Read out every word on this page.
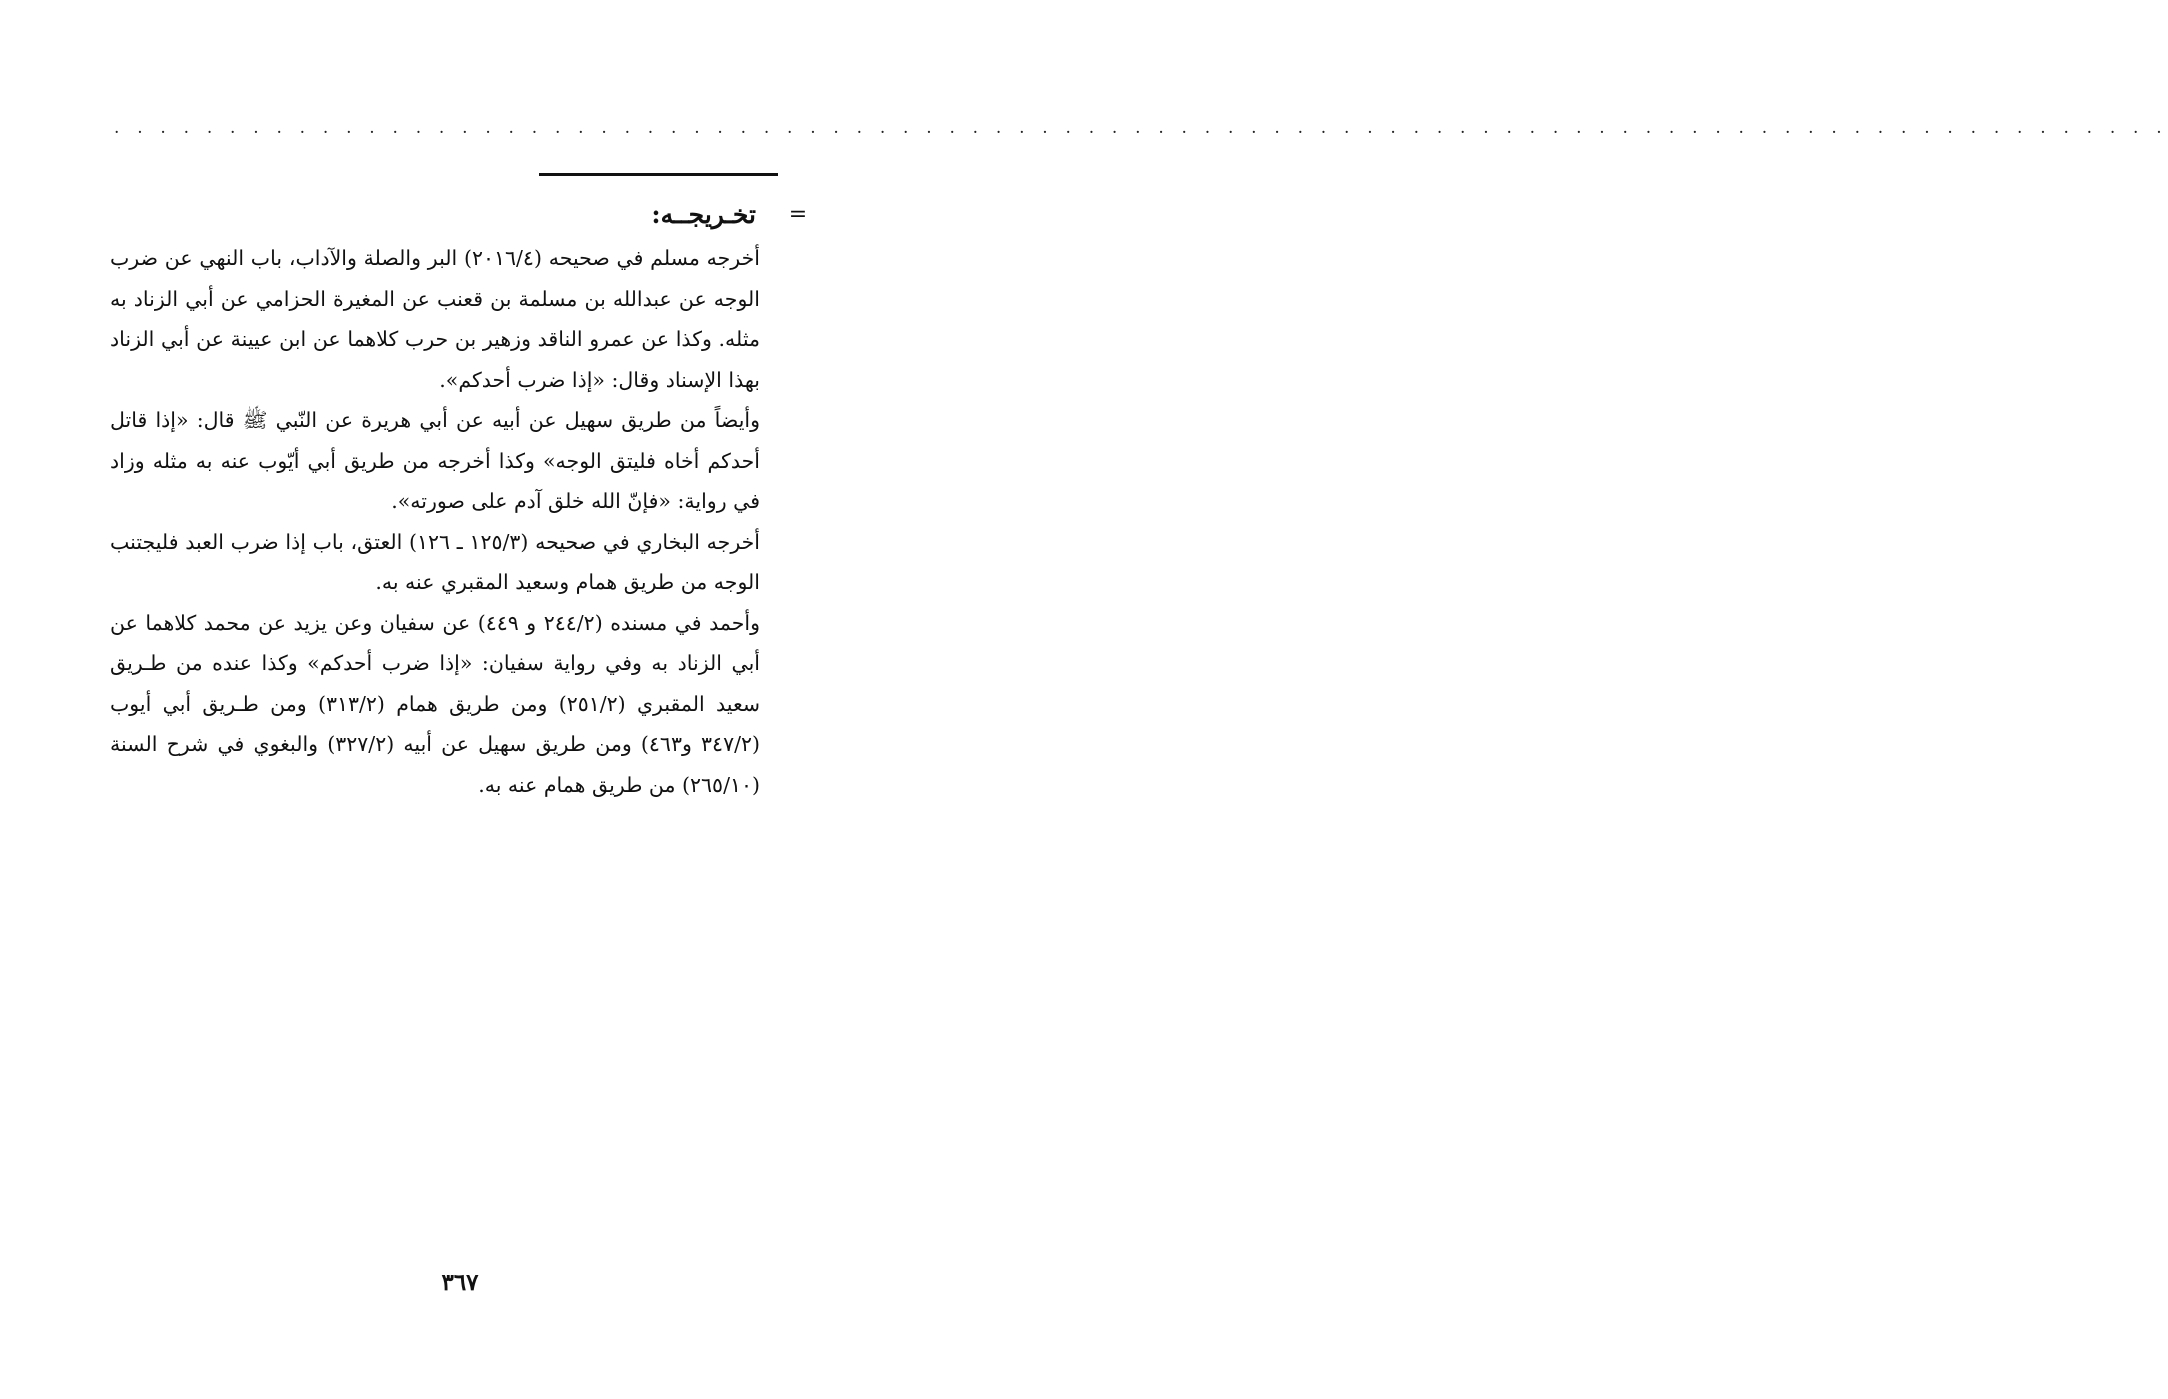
. . . . . . . . . . . . . . . . . . . . . . . . . . . . . . . . . . . . . . . . . . . . . . . . . . . . . . . . . . . . . . . . . . . . . . . . . . . . . . . . . . . . . . . . .
=
تخـريجــه:

أخرجه مسلم في صحيحه (٢٠١٦/٤) البر والصلة والآداب، باب النهي عن ضرب الوجه عن عبدالله بن مسلمة بن قعنب عن المغيرة الحزامي عن أبي الزناد به مثله. وكذا عن عمرو الناقد وزهير بن حرب كلاهما عن ابن عيينة عن أبي الزناد بهذا الإسناد وقال: «إذا ضرب أحدكم».

وأيضاً من طريق سهيل عن أبيه عن أبي هريرة عن النّبي ﷺ قال: «إذا قاتل أحدكم أخاه فليتق الوجه» وكذا أخرجه من طريق أبي أيّوب عنه به مثله وزاد في رواية: «فإنّ الله خلق آدم على صورته».

أخرجه البخاري في صحيحه (١٢٥/٣ ـ ١٢٦) العتق، باب إذا ضرب العبد فليجتنب الوجه من طريق همام وسعيد المقبري عنه به.

وأحمد في مسنده (٢٤٤/٢ و ٤٤٩) عن سفيان وعن يزيد عن محمد كلاهما عن أبي الزناد به وفي رواية سفيان: «إذا ضرب أحدكم» وكذا عنده من طـريق سعيد المقبري (٢٥١/٢) ومن طريق همام (٣١٣/٢) ومن طـريق أبي أيوب (٣٤٧/٢ و٤٦٣) ومن طريق سهيل عن أبيه (٣٢٧/٢) والبغوي في شرح السنة (٢٦٥/١٠) من طريق همام عنه به.

٣٦٧
